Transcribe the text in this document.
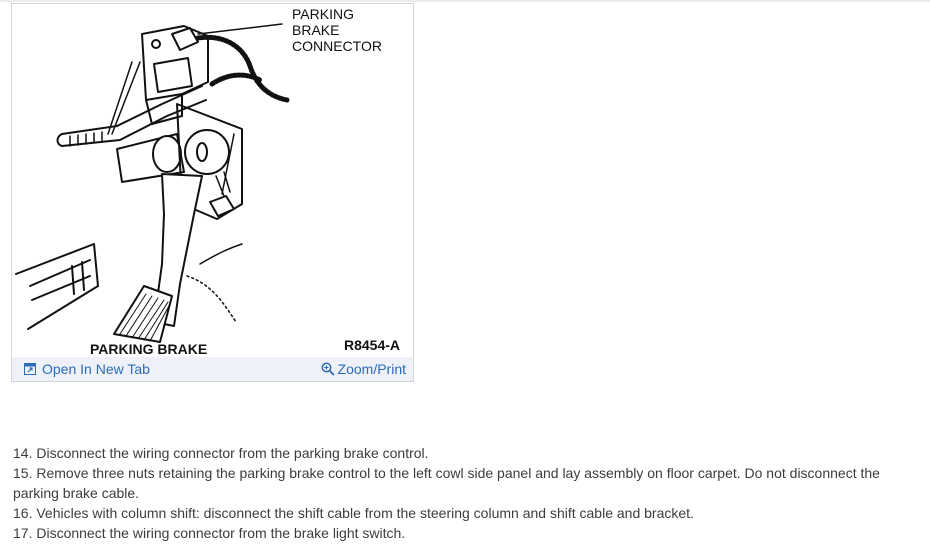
PARKING
BRAKE
CONNECTOR
PARKING BRAKE	R8454-A
Open In New Tab	Zoom/Print

14. Disconnect the wiring connector from the parking brake control.

15. Remove three nuts retaining the parking brake control to the left cowl side panel and lay assembly on floor carpet. Do not disconnect the parking brake cable.

16. Vehicles with column shift: disconnect the shift cable from the steering column and shift cable and bracket.

17. Disconnect the wiring connector from the brake light switch.
